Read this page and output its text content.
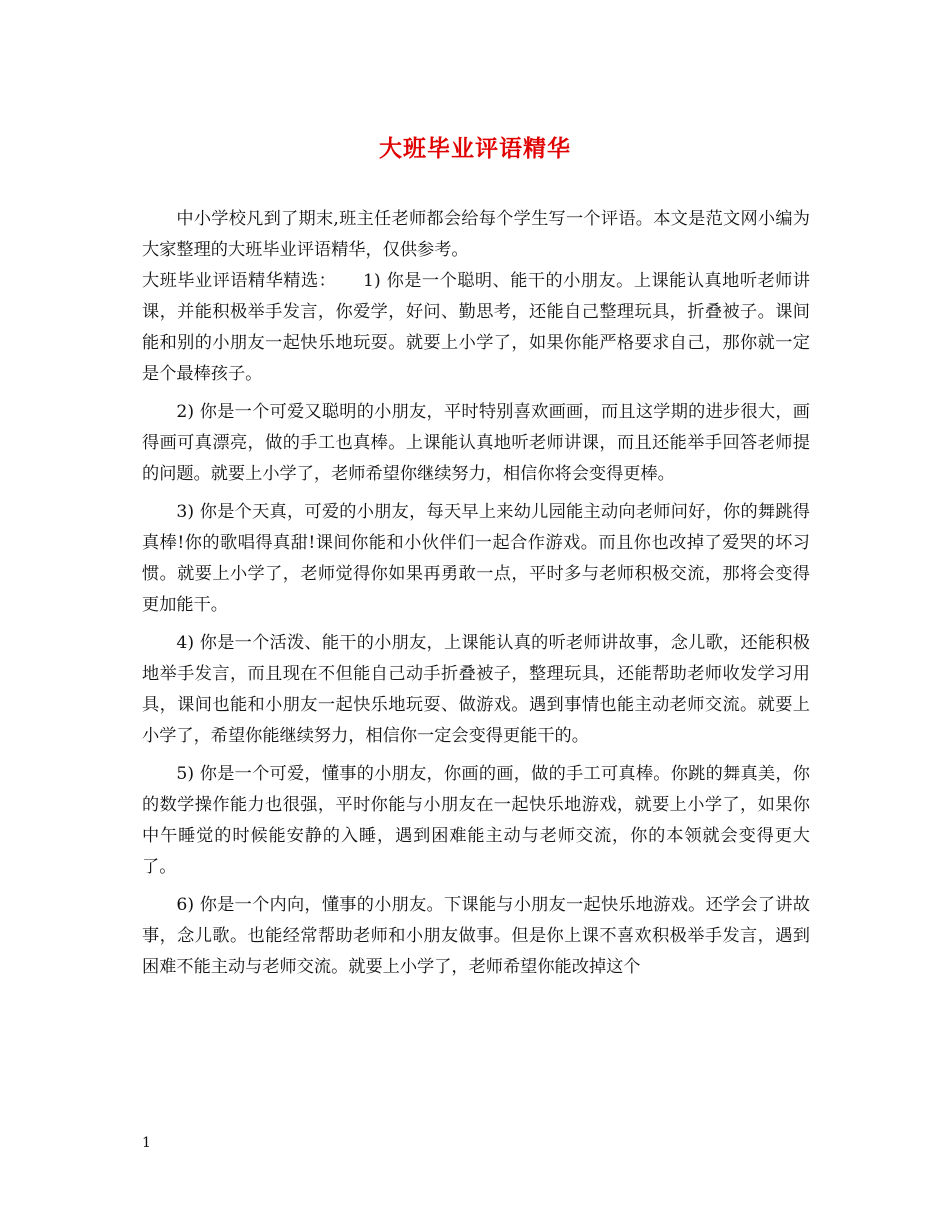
大班毕业评语精华

中小学校凡到了期末,班主任老师都会给每个学生写一个评语。本文是范文网小编为大家整理的大班毕业评语精华，仅供参考。

大班毕业评语精华精选：　　1) 你是一个聪明、能干的小朋友。上课能认真地听老师讲课，并能积极举手发言，你爱学，好问、勤思考，还能自己整理玩具，折叠被子。课间能和别的小朋友一起快乐地玩耍。就要上小学了，如果你能严格要求自己，那你就一定是个最棒孩子。

2) 你是一个可爱又聪明的小朋友，平时特别喜欢画画，而且这学期的进步很大，画得画可真漂亮，做的手工也真棒。上课能认真地听老师讲课，而且还能举手回答老师提的问题。就要上小学了，老师希望你继续努力，相信你将会变得更棒。

3) 你是个天真，可爱的小朋友，每天早上来幼儿园能主动向老师问好，你的舞跳得真棒!你的歌唱得真甜!课间你能和小伙伴们一起合作游戏。而且你也改掉了爱哭的坏习惯。就要上小学了，老师觉得你如果再勇敢一点，平时多与老师积极交流，那将会变得更加能干。

4) 你是一个活泼、能干的小朋友，上课能认真的听老师讲故事，念儿歌，还能积极地举手发言，而且现在不但能自己动手折叠被子，整理玩具，还能帮助老师收发学习用具，课间也能和小朋友一起快乐地玩耍、做游戏。遇到事情也能主动老师交流。就要上小学了，希望你能继续努力，相信你一定会变得更能干的。

5) 你是一个可爱，懂事的小朋友，你画的画，做的手工可真棒。你跳的舞真美，你的数学操作能力也很强，平时你能与小朋友在一起快乐地游戏，就要上小学了，如果你中午睡觉的时候能安静的入睡，遇到困难能主动与老师交流，你的本领就会变得更大了。

6) 你是一个内向，懂事的小朋友。下课能与小朋友一起快乐地游戏。还学会了讲故事，念儿歌。也能经常帮助老师和小朋友做事。但是你上课不喜欢积极举手发言，遇到困难不能主动与老师交流。就要上小学了，老师希望你能改掉这个

1
